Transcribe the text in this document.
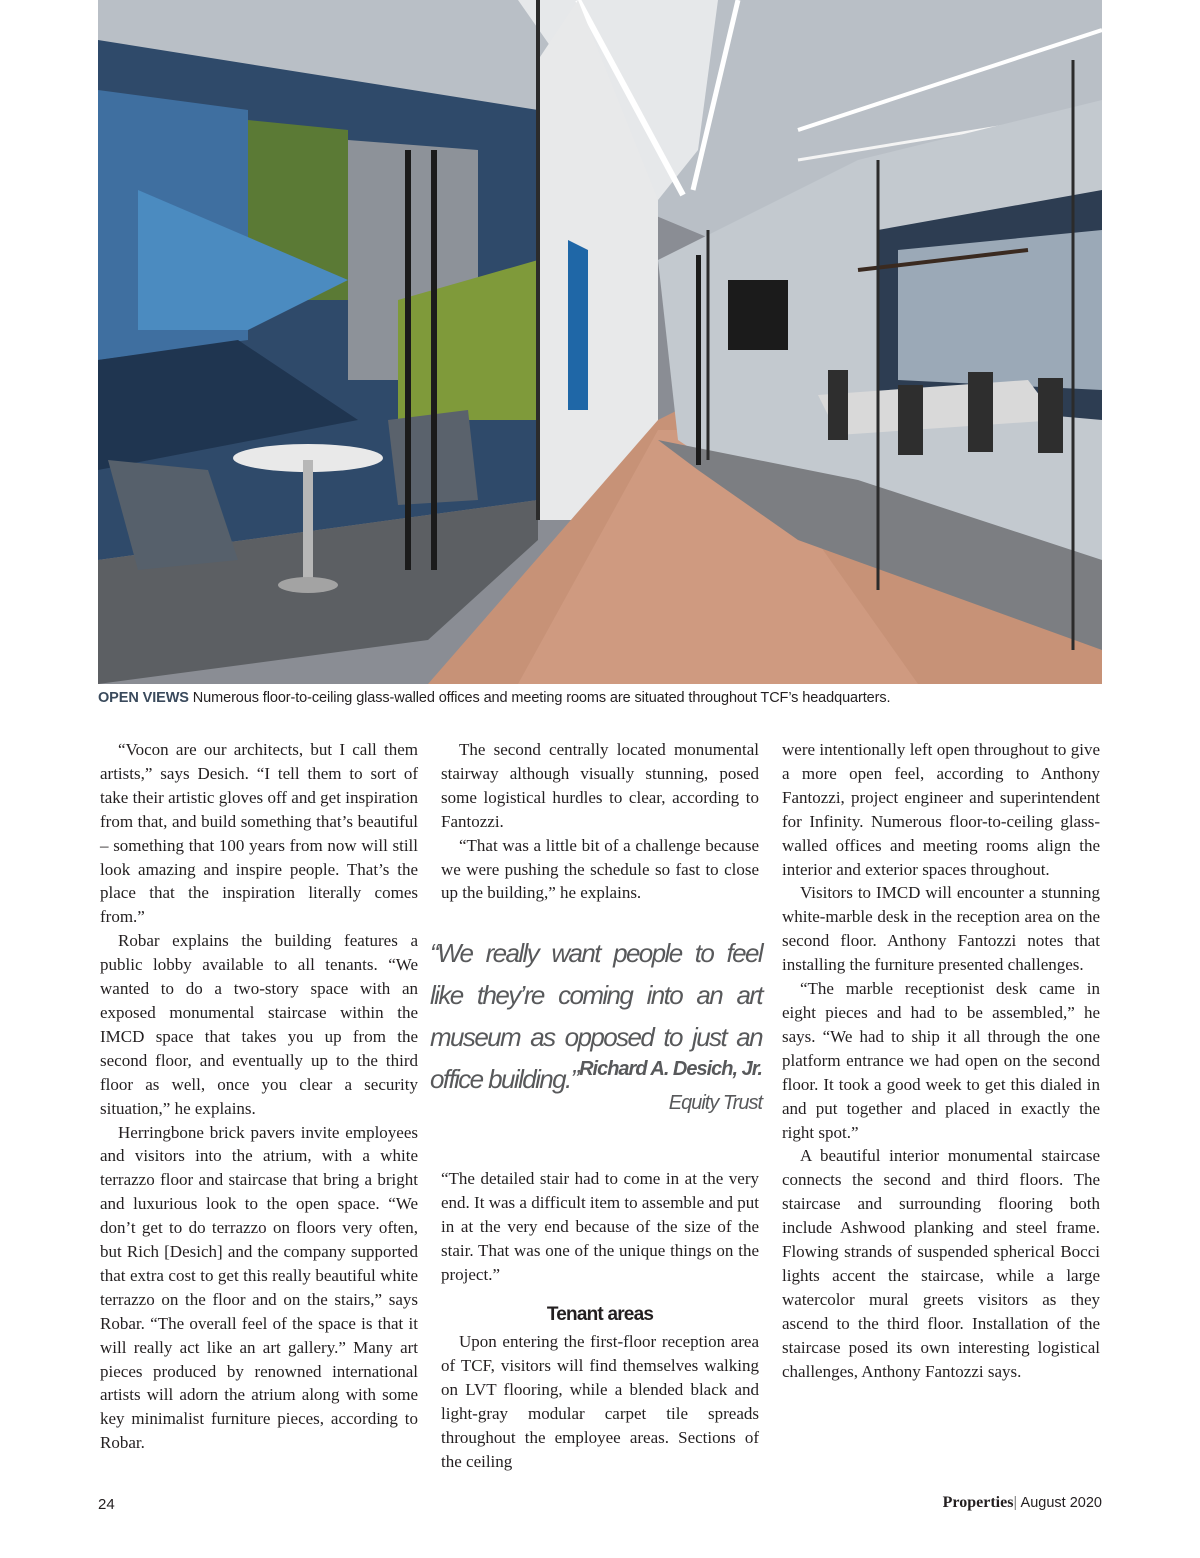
OPEN VIEWS Numerous floor-to-ceiling glass-walled offices and meeting rooms are situated throughout TCF’s headquarters.

“Vocon are our architects, but I call them artists,” says Desich. “I tell them to sort of take their artistic gloves off and get inspiration from that, and build something that’s beautiful – something that 100 years from now will still look amazing and inspire people. That’s the place that the inspiration literally comes from.”

Robar explains the building features a public lobby available to all tenants. “We wanted to do a two-story space with an exposed monumental staircase within the IMCD space that takes you up from the second floor, and eventually up to the third floor as well, once you clear a security situation,” he explains.

Herringbone brick pavers invite employees and visitors into the atrium, with a white terrazzo floor and staircase that bring a bright and luxurious look to the open space. “We don’t get to do terrazzo on floors very often, but Rich [Desich] and the company supported that extra cost to get this really beautiful white terrazzo on the floor and on the stairs,” says Robar. “The overall feel of the space is that it will really act like an art gallery.” Many art pieces produced by renowned international artists will adorn the atrium along with some key minimalist furniture pieces, according to Robar.

The second centrally located monumental stairway although visually stunning, posed some logistical hurdles to clear, according to Fantozzi.

“That was a little bit of a challenge because we were pushing the schedule so fast to close up the building,” he explains.

“We really want people to feel like they’re coming into an art museum as opposed to just an office building.” Richard A. Desich, Jr.
Equity Trust

“The detailed stair had to come in at the very end. It was a difficult item to assemble and put in at the very end because of the size of the stair. That was one of the unique things on the project.”

Tenant areas

Upon entering the first-floor reception area of TCF, visitors will find themselves walking on LVT flooring, while a blended black and light-gray modular carpet tile spreads throughout the employee areas. Sections of the ceiling

were intentionally left open throughout to give a more open feel, according to Anthony Fantozzi, project engineer and superintendent for Infinity. Numerous floor-to-ceiling glass-walled offices and meeting rooms align the interior and exterior spaces throughout.

Visitors to IMCD will encounter a stunning white-marble desk in the reception area on the second floor. Anthony Fantozzi notes that installing the furniture presented challenges.

“The marble receptionist desk came in eight pieces and had to be assembled,” he says. “We had to ship it all through the one platform entrance we had open on the second floor. It took a good week to get this dialed in and put together and placed in exactly the right spot.”

A beautiful interior monumental staircase connects the second and third floors. The staircase and surrounding flooring both include Ashwood planking and steel frame. Flowing strands of suspended spherical Bocci lights accent the staircase, while a large watercolor mural greets visitors as they ascend to the third floor. Installation of the staircase posed its own interesting logistical challenges, Anthony Fantozzi says.

24	Properties| August 2020
